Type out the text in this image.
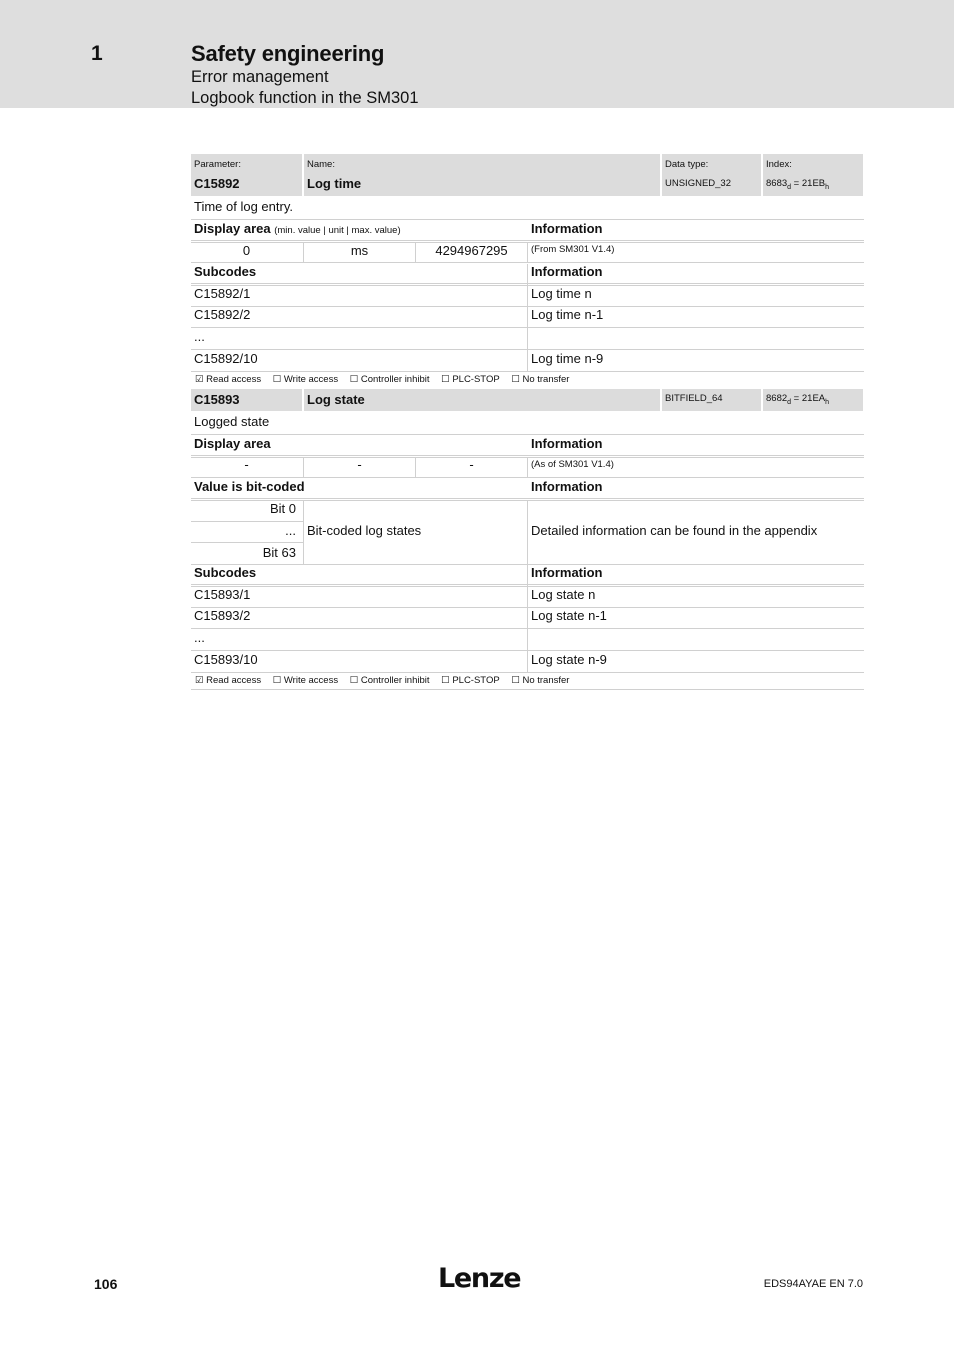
1	Safety engineering
Error management
Logbook function in the SM301
Parameter:
C15892
Name:
Log time
Data type:
UNSIGNED_32
Index:
$8683_d = 21EB_h$
Time of log entry.
Display area (min. value | unit | max. value)	Information
0	ms	4294967295	(From SM301 V1.4)
Subcodes	Information
C15892/1	Log time n
C15892/2	Log time n-1
...
C15892/10	Log time n-9
☑ Read access ☐ Write access ☐ Controller inhibit ☐ PLC-STOP ☐ No transfer
C15893	Log state	BITFIELD_64	$8682_d = 21EA_h$
Logged state
Display area	Information
-	-	-	(As of SM301 V1.4)
Value is bit-coded	Information
Bit 0
...
Bit 63
Bit-coded log states	Detailed information can be found in the appendix
Subcodes	Information
C15893/1	Log state n
C15893/2	Log state n-1
...
C15893/10	Log state n-9
☑ Read access ☐ Write access ☐ Controller inhibit ☐ PLC-STOP ☐ No transfer
106	Lenze	EDS94AYAE EN 7.0
